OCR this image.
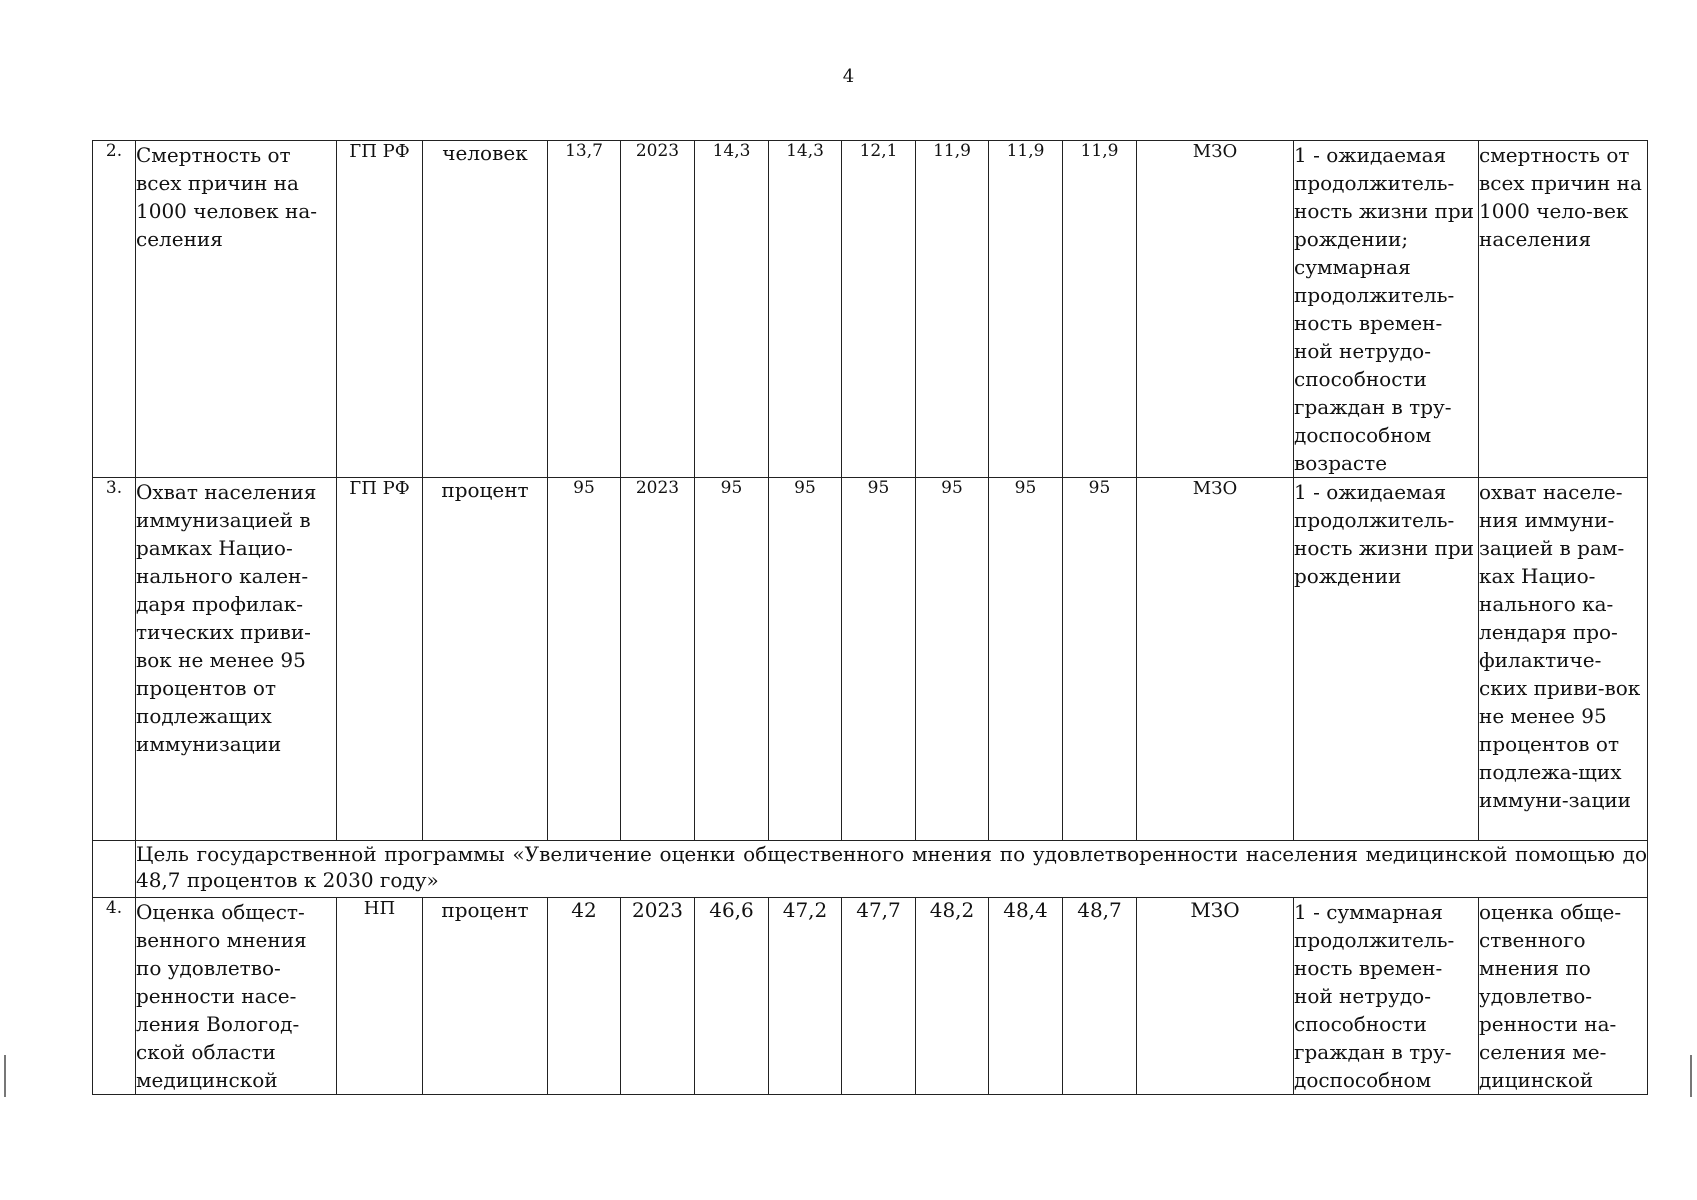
4
2.	Смертность от всех причин на 1000 человек на-селения	ГП РФ	человек	13,7	2023	14,3	14,3	12,1	11,9	11,9	11,9	МЗО	1 - ожидаемая продолжитель-ность жизни при рождении; суммарная продолжитель-ность времен-ной нетрудо-способности граждан в тру-доспособном возрасте	смертность от всех причин на 1000 чело-век населения
3.	Охват населения иммунизацией в рамках Нацио-нального кален-даря профилак-тических приви-вок не менее 95 процентов от подлежащих иммунизации	ГП РФ	процент	95	2023	95	95	95	95	95	95	МЗО	1 - ожидаемая продолжитель-ность жизни при рождении	охват населе-ния иммуни-зацией в рам-ках Нацио-нального ка-лендаря про-филактиче-ских приви-вок не менее 95 процентов от подлежа-щих иммуни-зации
	Цель государственной программы «Увеличение оценки общественного мнения по удовлетворенности населения медицинской помощью до 48,7 процентов к 2030 году»													
4.	Оценка общест-венного мнения по удовлетво-ренности насе-ления Вологод-ской области медицинской	НП	процент	42	2023	46,6	47,2	47,7	48,2	48,4	48,7	МЗО	1 - суммарная продолжитель-ность времен-ной нетрудо-способности граждан в тру-доспособном	оценка обще-ственного мнения по удовлетво-ренности на-селения ме-дицинской
